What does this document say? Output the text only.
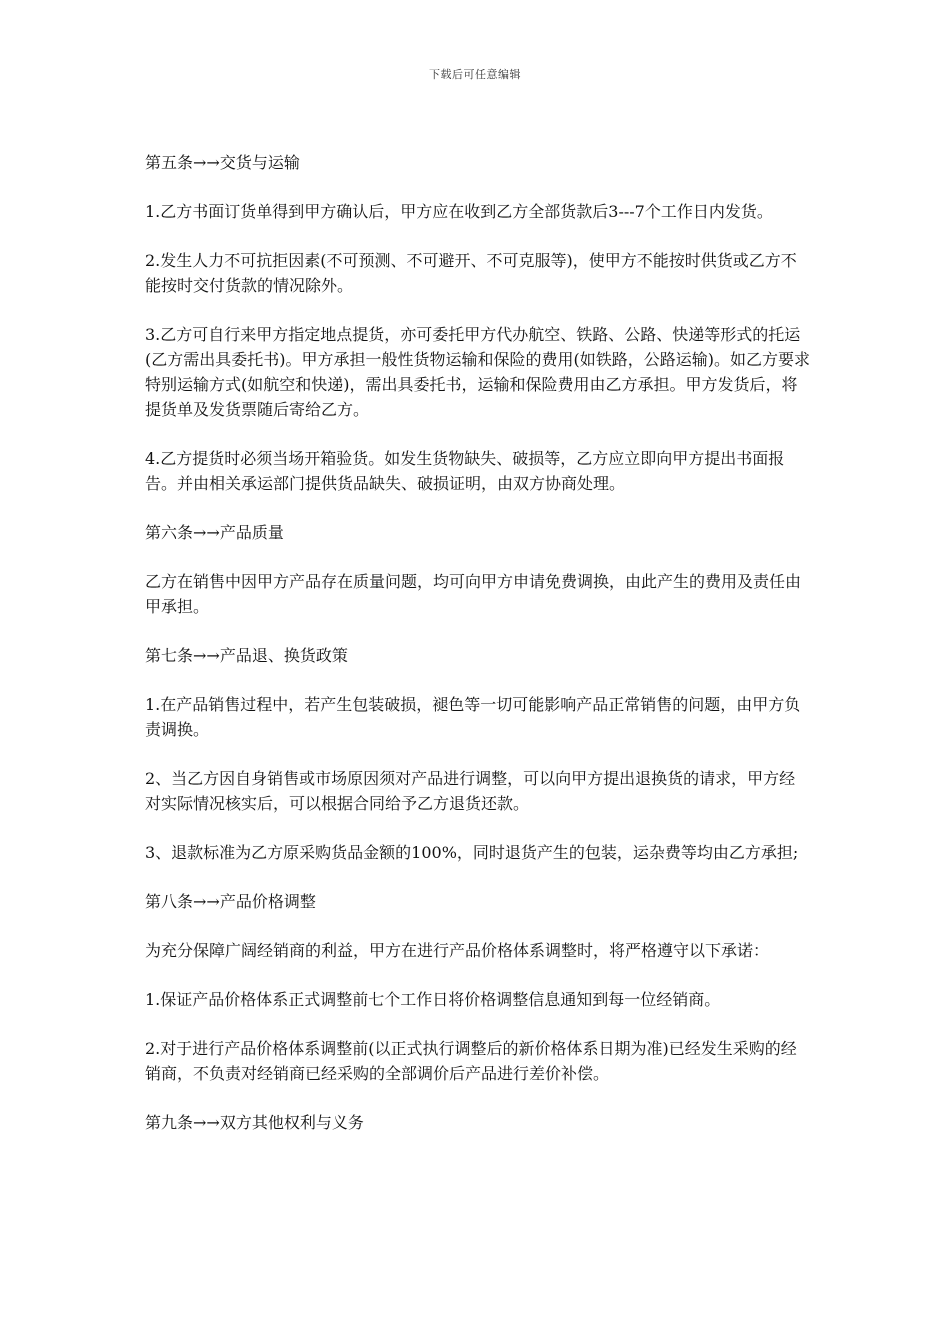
下载后可任意编辑
第五条→→交货与运输
1.乙方书面订货单得到甲方确认后，甲方应在收到乙方全部货款后3---7个工作日内发货。
2.发生人力不可抗拒因素(不可预测、不可避开、不可克服等)，使甲方不能按时供货或乙方不能按时交付货款的情况除外。
3.乙方可自行来甲方指定地点提货，亦可委托甲方代办航空、铁路、公路、快递等形式的托运(乙方需出具委托书)。甲方承担一般性货物运输和保险的费用(如铁路，公路运输)。如乙方要求特别运输方式(如航空和快递)，需出具委托书，运输和保险费用由乙方承担。甲方发货后，将提货单及发货票随后寄给乙方。
4.乙方提货时必须当场开箱验货。如发生货物缺失、破损等，乙方应立即向甲方提出书面报告。并由相关承运部门提供货品缺失、破损证明，由双方协商处理。
第六条→→产品质量
乙方在销售中因甲方产品存在质量问题，均可向甲方申请免费调换，由此产生的费用及责任由甲承担。
第七条→→产品退、换货政策
1.在产品销售过程中，若产生包装破损，褪色等一切可能影响产品正常销售的问题，由甲方负责调换。
2、当乙方因自身销售或市场原因须对产品进行调整，可以向甲方提出退换货的请求，甲方经对实际情况核实后，可以根据合同给予乙方退货还款。
3、退款标准为乙方原采购货品金额的100%，同时退货产生的包装，运杂费等均由乙方承担;
第八条→→产品价格调整
为充分保障广阔经销商的利益，甲方在进行产品价格体系调整时，将严格遵守以下承诺：
1.保证产品价格体系正式调整前七个工作日将价格调整信息通知到每一位经销商。
2.对于进行产品价格体系调整前(以正式执行调整后的新价格体系日期为准)已经发生采购的经销商，不负责对经销商已经采购的全部调价后产品进行差价补偿。
第九条→→双方其他权利与义务
